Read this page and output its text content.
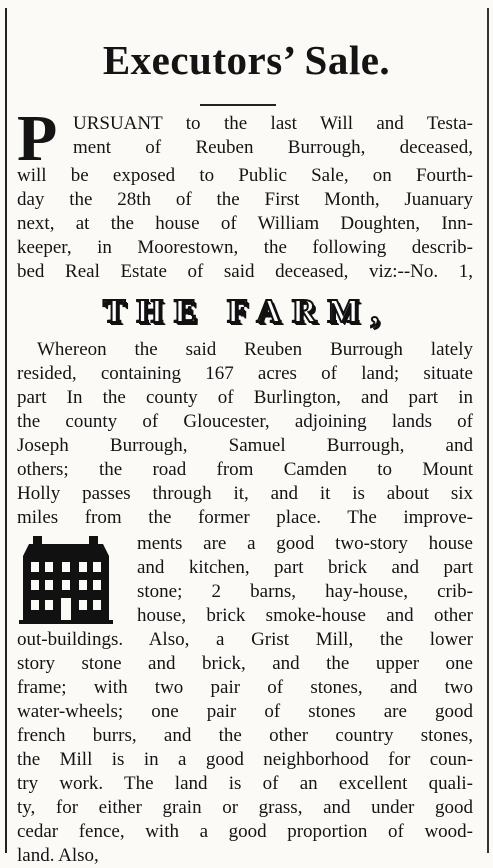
Executors’ Sale.
P URSUANT to the last Will and Testa-
ment of Reuben Burrough, deceased,
will be exposed to Public Sale, on Fourth-
day the 28th of the First Month, Juanuary
next, at the house of William Doughten, Inn-
keeper, in Moorestown, the following describ-
bed Real Estate of said deceased, viz:--No. 1,
THE FARM,
Whereon the said Reuben Burrough lately
resided, containing 167 acres of land; situate
part In the county of Burlington, and part in
the county of Gloucester, adjoining lands of
Joseph Burrough, Samuel Burrough, and
others; the road from Camden to Mount
Holly passes through it, and it is about six
miles from the former place. The improve-
ments are a good two-story house
and kitchen, part brick and part
stone; 2 barns, hay-house, crib-
house, brick smoke-house and other
out-buildings. Also, a Grist Mill, the lower
story stone and brick, and the upper one
frame; with two pair of stones, and two
water-wheels; one pair of stones are good
french burrs, and the other country stones,
the Mill is in a good neighborhood for coun-
try work. The land is of an excellent quali-
ty, for either grain or grass, and under good
cedar fence, with a good proportion of wood-
land. Also,
